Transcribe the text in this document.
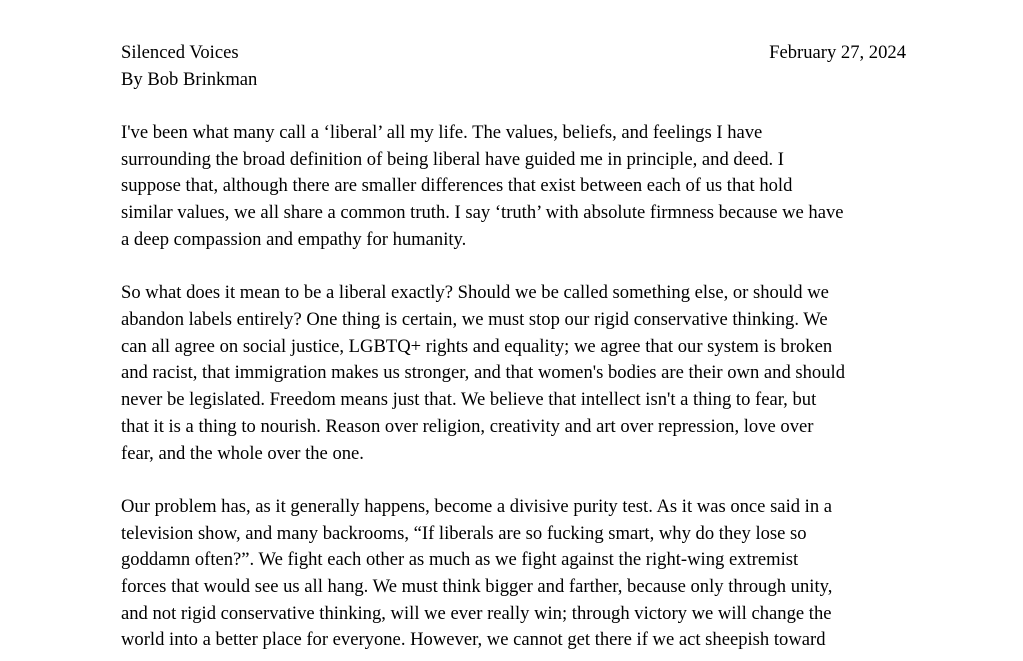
Silenced Voices	February 27, 2024
By Bob Brinkman

I've been what many call a ‘liberal’ all my life. The values, beliefs, and feelings I have
surrounding the broad definition of being liberal have guided me in principle, and deed. I
suppose that, although there are smaller differences that exist between each of us that hold
similar values, we all share a common truth. I say ‘truth’ with absolute firmness because we have
a deep compassion and empathy for humanity.

So what does it mean to be a liberal exactly? Should we be called something else, or should we
abandon labels entirely? One thing is certain, we must stop our rigid conservative thinking. We
can all agree on social justice, LGBTQ+ rights and equality; we agree that our system is broken
and racist, that immigration makes us stronger, and that women's bodies are their own and should
never be legislated. Freedom means just that. We believe that intellect isn't a thing to fear, but
that it is a thing to nourish. Reason over religion, creativity and art over repression, love over
fear, and the whole over the one.

Our problem has, as it generally happens, become a divisive purity test. As it was once said in a
television show, and many backrooms, “If liberals are so fucking smart, why do they lose so
goddamn often?”. We fight each other as much as we fight against the right-wing extremist
forces that would see us all hang. We must think bigger and farther, because only through unity,
and not rigid conservative thinking, will we ever really win; through victory we will change the
world into a better place for everyone. However, we cannot get there if we act sheepish toward
